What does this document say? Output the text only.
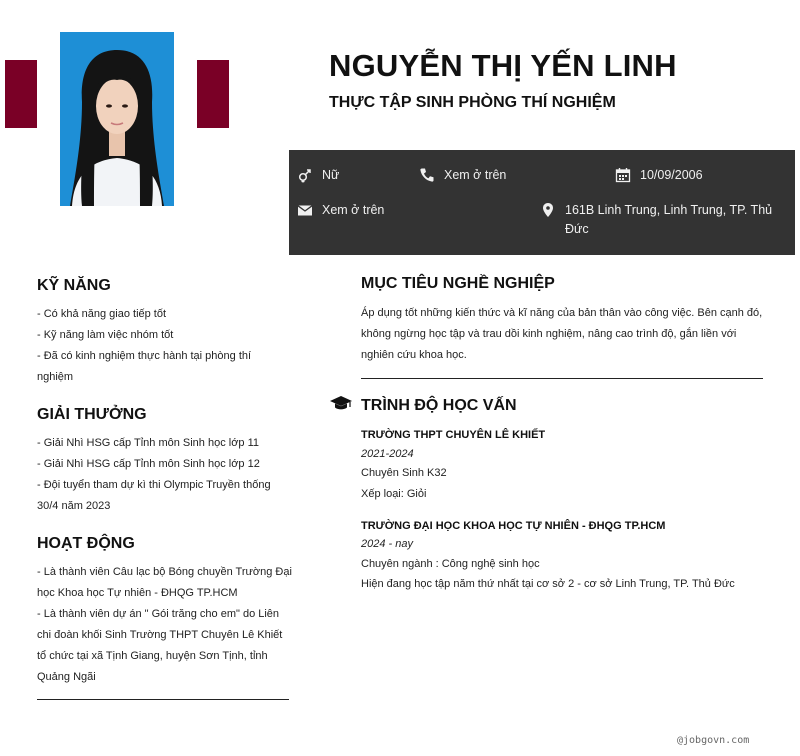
NGUYỄN THỊ YẾN LINH
THỰC TẬP SINH PHÒNG THÍ NGHIỆM
Nữ	Xem ở trên	10/09/2006
Xem ở trên	161B Linh Trung, Linh Trung, TP. Thủ Đức
KỸ NĂNG
- Có khả năng giao tiếp tốt
- Kỹ năng làm việc nhóm tốt
- Đã có kinh nghiệm thực hành tại phòng thí nghiệm
GIẢI THƯỞNG
- Giải Nhì HSG cấp Tỉnh môn Sinh học lớp 11
- Giải Nhì HSG cấp Tỉnh môn Sinh học lớp 12
- Đội tuyển tham dự kì thi Olympic Truyền thống 30/4 năm 2023
HOẠT ĐỘNG
- Là thành viên Câu lạc bộ Bóng chuyền Trường Đại học Khoa học Tự nhiên - ĐHQG TP.HCM
- Là thành viên dự án " Gói trăng cho em" do Liên chi đoàn khối Sinh Trường THPT Chuyên Lê Khiết tổ chức tại xã Tịnh Giang, huyện Sơn Tịnh, tỉnh Quảng Ngãi
MỤC TIÊU NGHỀ NGHIỆP
Áp dụng tốt những kiến thức và kĩ năng của bản thân vào công việc. Bên cạnh đó, không ngừng học tập và trau dồi kinh nghiệm, nâng cao trình độ, gắn liền với nghiên cứu khoa học.
TRÌNH ĐỘ HỌC VẤN
TRƯỜNG THPT CHUYÊN LÊ KHIẾT
2021-2024
Chuyên Sinh K32
Xếp loại: Giỏi
TRƯỜNG ĐẠI HỌC KHOA HỌC TỰ NHIÊN - ĐHQG TP.HCM
2024 - nay
Chuyên ngành : Công nghệ sinh học
Hiện đang học tập năm thứ nhất tại cơ sở 2 - cơ sở Linh Trung, TP. Thủ Đức
@jobgovn.com
